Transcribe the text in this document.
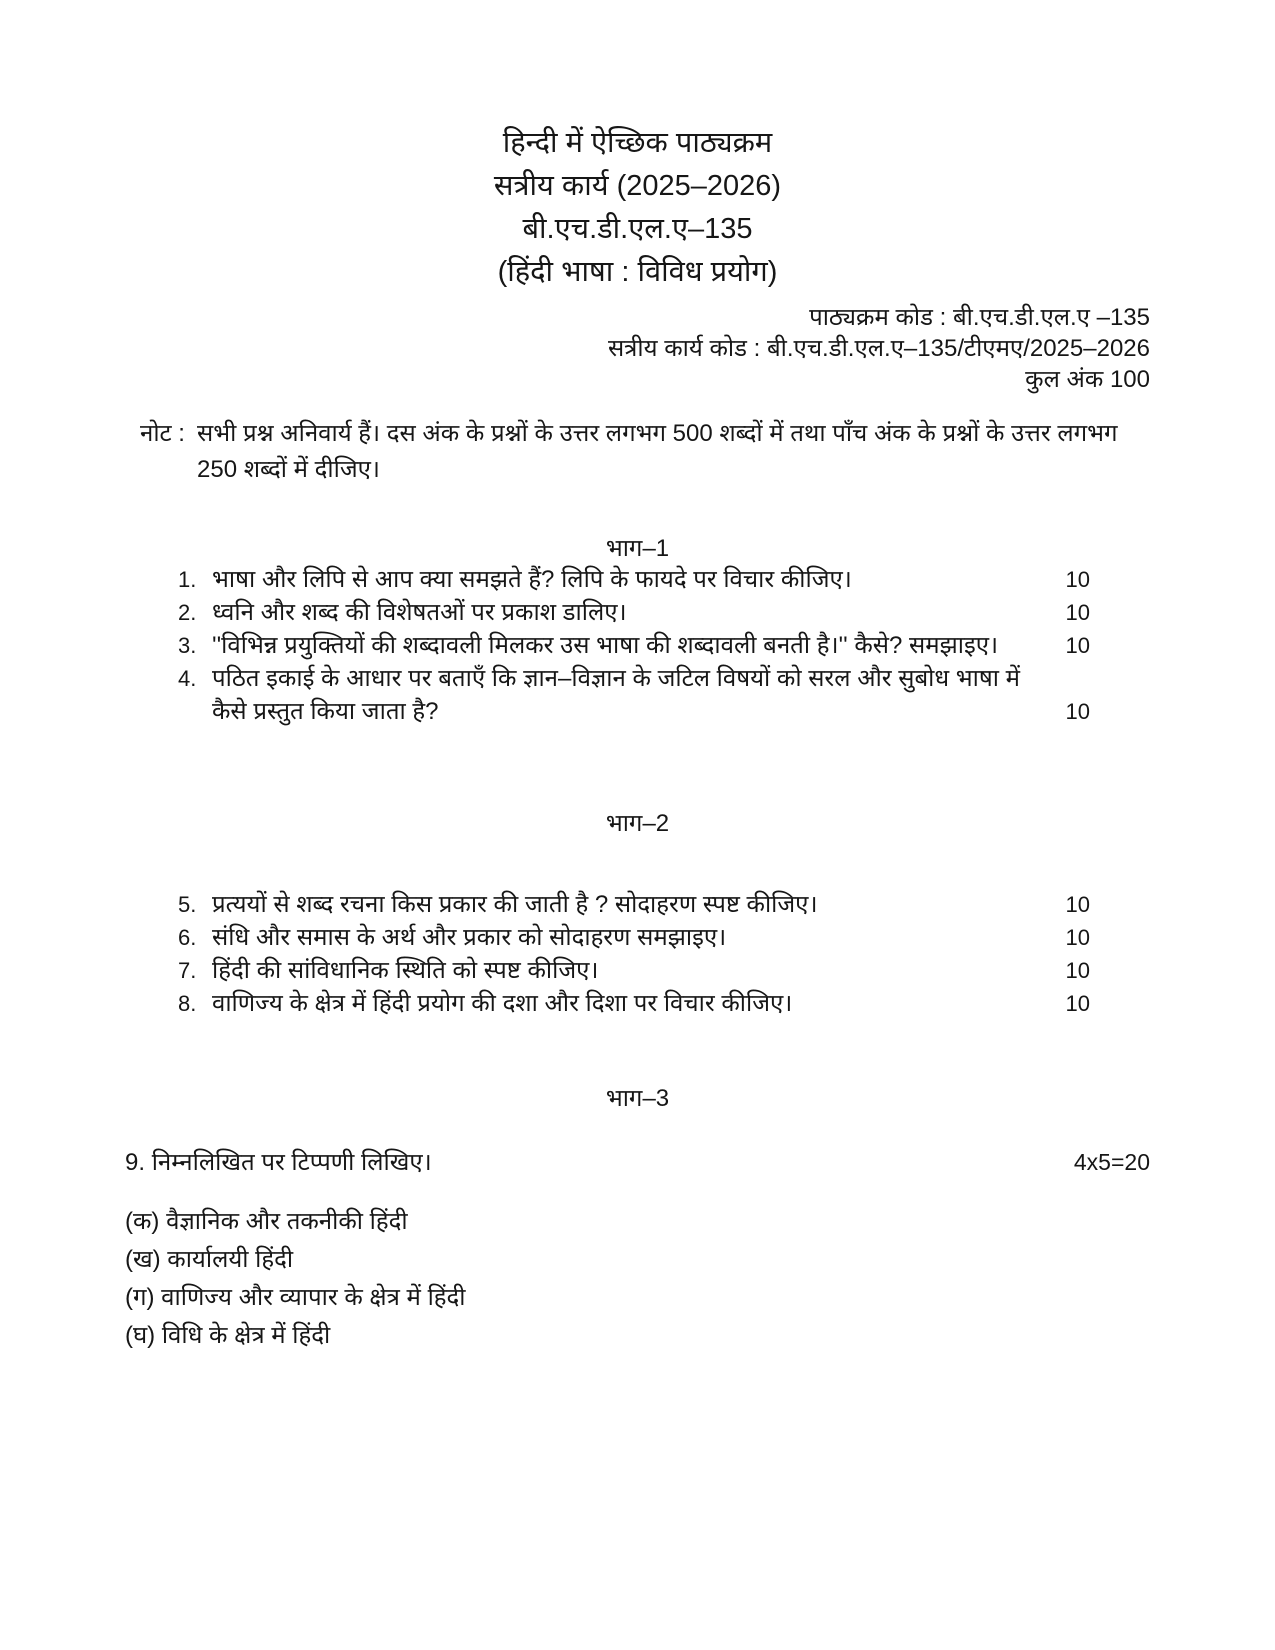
हिन्दी में ऐच्छिक पाठ्यक्रम
सत्रीय कार्य (2025–2026)
बी.एच.डी.एल.ए–135
(हिंदी भाषा : विविध प्रयोग)
पाठ्यक्रम कोड : बी.एच.डी.एल.ए –135
सत्रीय कार्य कोड : बी.एच.डी.एल.ए–135/टीएमए/2025–2026
कुल अंक 100
नोट : सभी प्रश्न अनिवार्य हैं। दस अंक के प्रश्नों के उत्तर लगभग 500 शब्दों में तथा पाँच अंक के प्रश्नों के उत्तर लगभग 250 शब्दों में दीजिए।
भाग–1
1. भाषा और लिपि से आप क्या समझते हैं? लिपि के फायदे पर विचार कीजिए।	10
2. ध्वनि और शब्द की विशेषतओं पर प्रकाश डालिए।	10
3. ''विभिन्न प्रयुक्तियों की शब्दावली मिलकर उस भाषा की शब्दावली बनती है।'' कैसे? समझाइए।	10
4. पठित इकाई के आधार पर बताएँ कि ज्ञान–विज्ञान के जटिल विषयों को सरल और सुबोध भाषा में कैसे प्रस्तुत किया जाता है?	10
भाग–2
5. प्रत्ययों से शब्द रचना किस प्रकार की जाती है ? सोदाहरण स्पष्ट कीजिए।	10
6. संधि और समास के अर्थ और प्रकार को सोदाहरण समझाइए।	10
7. हिंदी की सांविधानिक स्थिति को स्पष्ट कीजिए।	10
8. वाणिज्य के क्षेत्र में हिंदी प्रयोग की दशा और दिशा पर विचार कीजिए।	10
भाग–3
9. निम्नलिखित पर टिप्पणी लिखिए।	4x5=20
(क) वैज्ञानिक और तकनीकी हिंदी
(ख) कार्यालयी हिंदी
(ग) वाणिज्य और व्यापार के क्षेत्र में हिंदी
(घ) विधि के क्षेत्र में हिंदी
